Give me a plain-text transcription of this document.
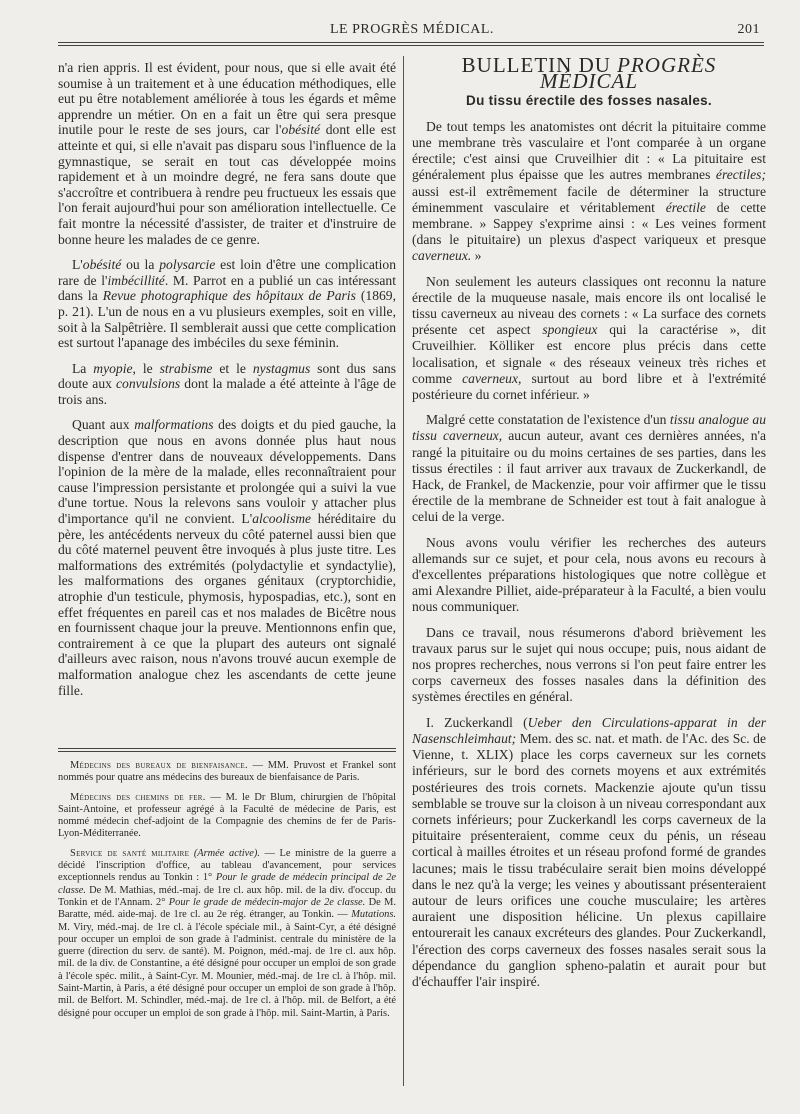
LE PROGRÈS MÉDICAL.	201

n'a rien appris. Il est évident, pour nous, que si elle avait été soumise à un traitement et à une éducation méthodiques, elle eut pu être notablement améliorée à tous les égards et même apprendre un métier. On en a fait un être qui sera presque inutile pour le reste de ses jours, car l'obésité dont elle est atteinte et qui, si elle n'avait pas disparu sous l'influence de la gymnastique, se serait en tout cas développée moins rapidement et à un moindre degré, ne fera sans doute que s'accroître et contribuera à rendre peu fructueux les essais que l'on ferait aujourd'hui pour son amélioration intellectuelle. Ce fait montre la nécessité d'assister, de traiter et d'instruire de bonne heure les malades de ce genre.

L'obésité ou la polysarcie est loin d'être une complication rare de l'imbécillité. M. Parrot en a publié un cas intéressant dans la Revue photographique des hôpitaux de Paris (1869, p. 21). L'un de nous en a vu plusieurs exemples, soit en ville, soit à la Salpêtrière. Il semblerait aussi que cette complication est surtout l'apanage des imbéciles du sexe féminin.

La myopie, le strabisme et le nystagmus sont dus sans doute aux convulsions dont la malade a été atteinte à l'âge de trois ans.

Quant aux malformations des doigts et du pied gauche, la description que nous en avons donnée plus haut nous dispense d'entrer dans de nouveaux développements. Dans l'opinion de la mère de la malade, elles reconnaîtraient pour cause l'impression persistante et prolongée qui a suivi la vue d'une tortue. Nous la relevons sans vouloir y attacher plus d'importance qu'il ne convient. L'alcoolisme héréditaire du père, les antécédents nerveux du côté paternel aussi bien que du côté maternel peuvent être invoqués à plus juste titre. Les malformations des extrémités (polydactylie et syndactylie), les malformations des organes génitaux (cryptorchidie, atrophie d'un testicule, phymosis, hypospadias, etc.), sont en effet fréquentes en pareil cas et nos malades de Bicêtre nous en fournissent chaque jour la preuve. Mentionnons enfin que, contrairement à ce que la plupart des auteurs ont signalé d'ailleurs avec raison, nous n'avons trouvé aucun exemple de malformation analogue chez les ascendants de cette jeune fille.

Médecins des bureaux de bienfaisance. — MM. Pruvost et Frankel sont nommés pour quatre ans médecins des bureaux de bienfaisance de Paris.

Médecins des chemins de fer. — M. le Dr Blum, chirurgien de l'hôpital Saint-Antoine, et professeur agrégé à la Faculté de médecine de Paris, est nommé médecin chef-adjoint de la Compagnie des chemins de fer de Paris-Lyon-Méditerranée.

Service de santé militaire (Armée active). — Le ministre de la guerre a décidé l'inscription d'office, au tableau d'avancement, pour services exceptionnels rendus au Tonkin : 1° Pour le grade de médecin principal de 2e classe. De M. Mathias, méd.-maj. de 1re cl. aux hôp. mil. de la div. d'occup. du Tonkin et de l'Annam. 2° Pour le grade de médecin-major de 2e classe. De M. Baratte, méd. aide-maj. de 1re cl. au 2e rég. étranger, au Tonkin. — Mutations. M. Viry, méd.-maj. de 1re cl. à l'école spéciale mil., à Saint-Cyr, a été désigné pour occuper un emploi de son grade à l'administ. centrale du ministère de la guerre (direction du serv. de santé). M. Poignon, méd.-maj. de 1re cl. aux hôp. mil. de la div. de Constantine, a été désigné pour occuper un emploi de son grade à l'école spéc. milit., à Saint-Cyr. M. Mounier, méd.-maj. de 1re cl. à l'hôp. mil. Saint-Martin, à Paris, a été désigné pour occuper un emploi de son grade à l'hôp. mil. de Belfort. M. Schindler, méd.-maj. de 1re cl. à l'hôp. mil. de Belfort, a été désigné pour occuper un emploi de son grade à l'hôp. mil. Saint-Martin, à Paris.

BULLETIN DU PROGRÈS MÉDICAL
Du tissu érectile des fosses nasales.

De tout temps les anatomistes ont décrit la pituitaire comme une membrane très vasculaire et l'ont comparée à un organe érectile; c'est ainsi que Cruveilhier dit : « La pituitaire est généralement plus épaisse que les autres membranes érectiles; aussi est-il extrêmement facile de déterminer la structure éminemment vasculaire et véritablement érectile de cette membrane. » Sappey s'exprime ainsi : « Les veines forment (dans le pituitaire) un plexus d'aspect variqueux et presque caverneux. »

Non seulement les auteurs classiques ont reconnu la nature érectile de la muqueuse nasale, mais encore ils ont localisé le tissu caverneux au niveau des cornets : « La surface des cornets présente cet aspect spongieux qui la caractérise », dit Cruveilhier. Kölliker est encore plus précis dans cette localisation, et signale « des réseaux veineux très riches et comme caverneux, surtout au bord libre et à l'extrémité postérieure du cornet inférieur. »

Malgré cette constatation de l'existence d'un tissu analogue au tissu caverneux, aucun auteur, avant ces dernières années, n'a rangé la pituitaire ou du moins certaines de ses parties, dans les tissus érectiles : il faut arriver aux travaux de Zuckerkandl, de Hack, de Frankel, de Mackenzie, pour voir affirmer que le tissu érectile de la membrane de Schneider est tout à fait analogue à celui de la verge.

Nous avons voulu vérifier les recherches des auteurs allemands sur ce sujet, et pour cela, nous avons eu recours à d'excellentes préparations histologiques que notre collègue et ami Alexandre Pilliet, aide-préparateur à la Faculté, a bien voulu nous communiquer.

Dans ce travail, nous résumerons d'abord brièvement les travaux parus sur le sujet qui nous occupe; puis, nous aidant de nos propres recherches, nous verrons si l'on peut faire entrer les corps caverneux des fosses nasales dans la définition des systèmes érectiles en général.

I. Zuckerkandl (Ueber den Circulations-apparat in der Nasenschleimhaut; Mem. des sc. nat. et math. de l'Ac. des Sc. de Vienne, t. XLIX) place les corps caverneux sur les cornets inférieurs, sur le bord des cornets moyens et aux extrémités postérieures des trois cornets. Mackenzie ajoute qu'un tissu semblable se trouve sur la cloison à un niveau correspondant aux cornets inférieurs; pour Zuckerkandl les corps caverneux de la pituitaire présenteraient, comme ceux du pénis, un réseau cortical à mailles étroites et un réseau profond formé de grandes lacunes; mais le tissu trabéculaire serait bien moins développé dans le nez qu'à la verge; les veines y aboutissant présenteraient autour de leurs orifices une couche musculaire; les artères auraient une disposition hélicine. Un plexus capillaire entourerait les canaux excréteurs des glandes. Pour Zuckerkandl, l'érection des corps caverneux des fosses nasales serait sous la dépendance du ganglion spheno-palatin et aurait pour but d'échauffer l'air inspiré.
